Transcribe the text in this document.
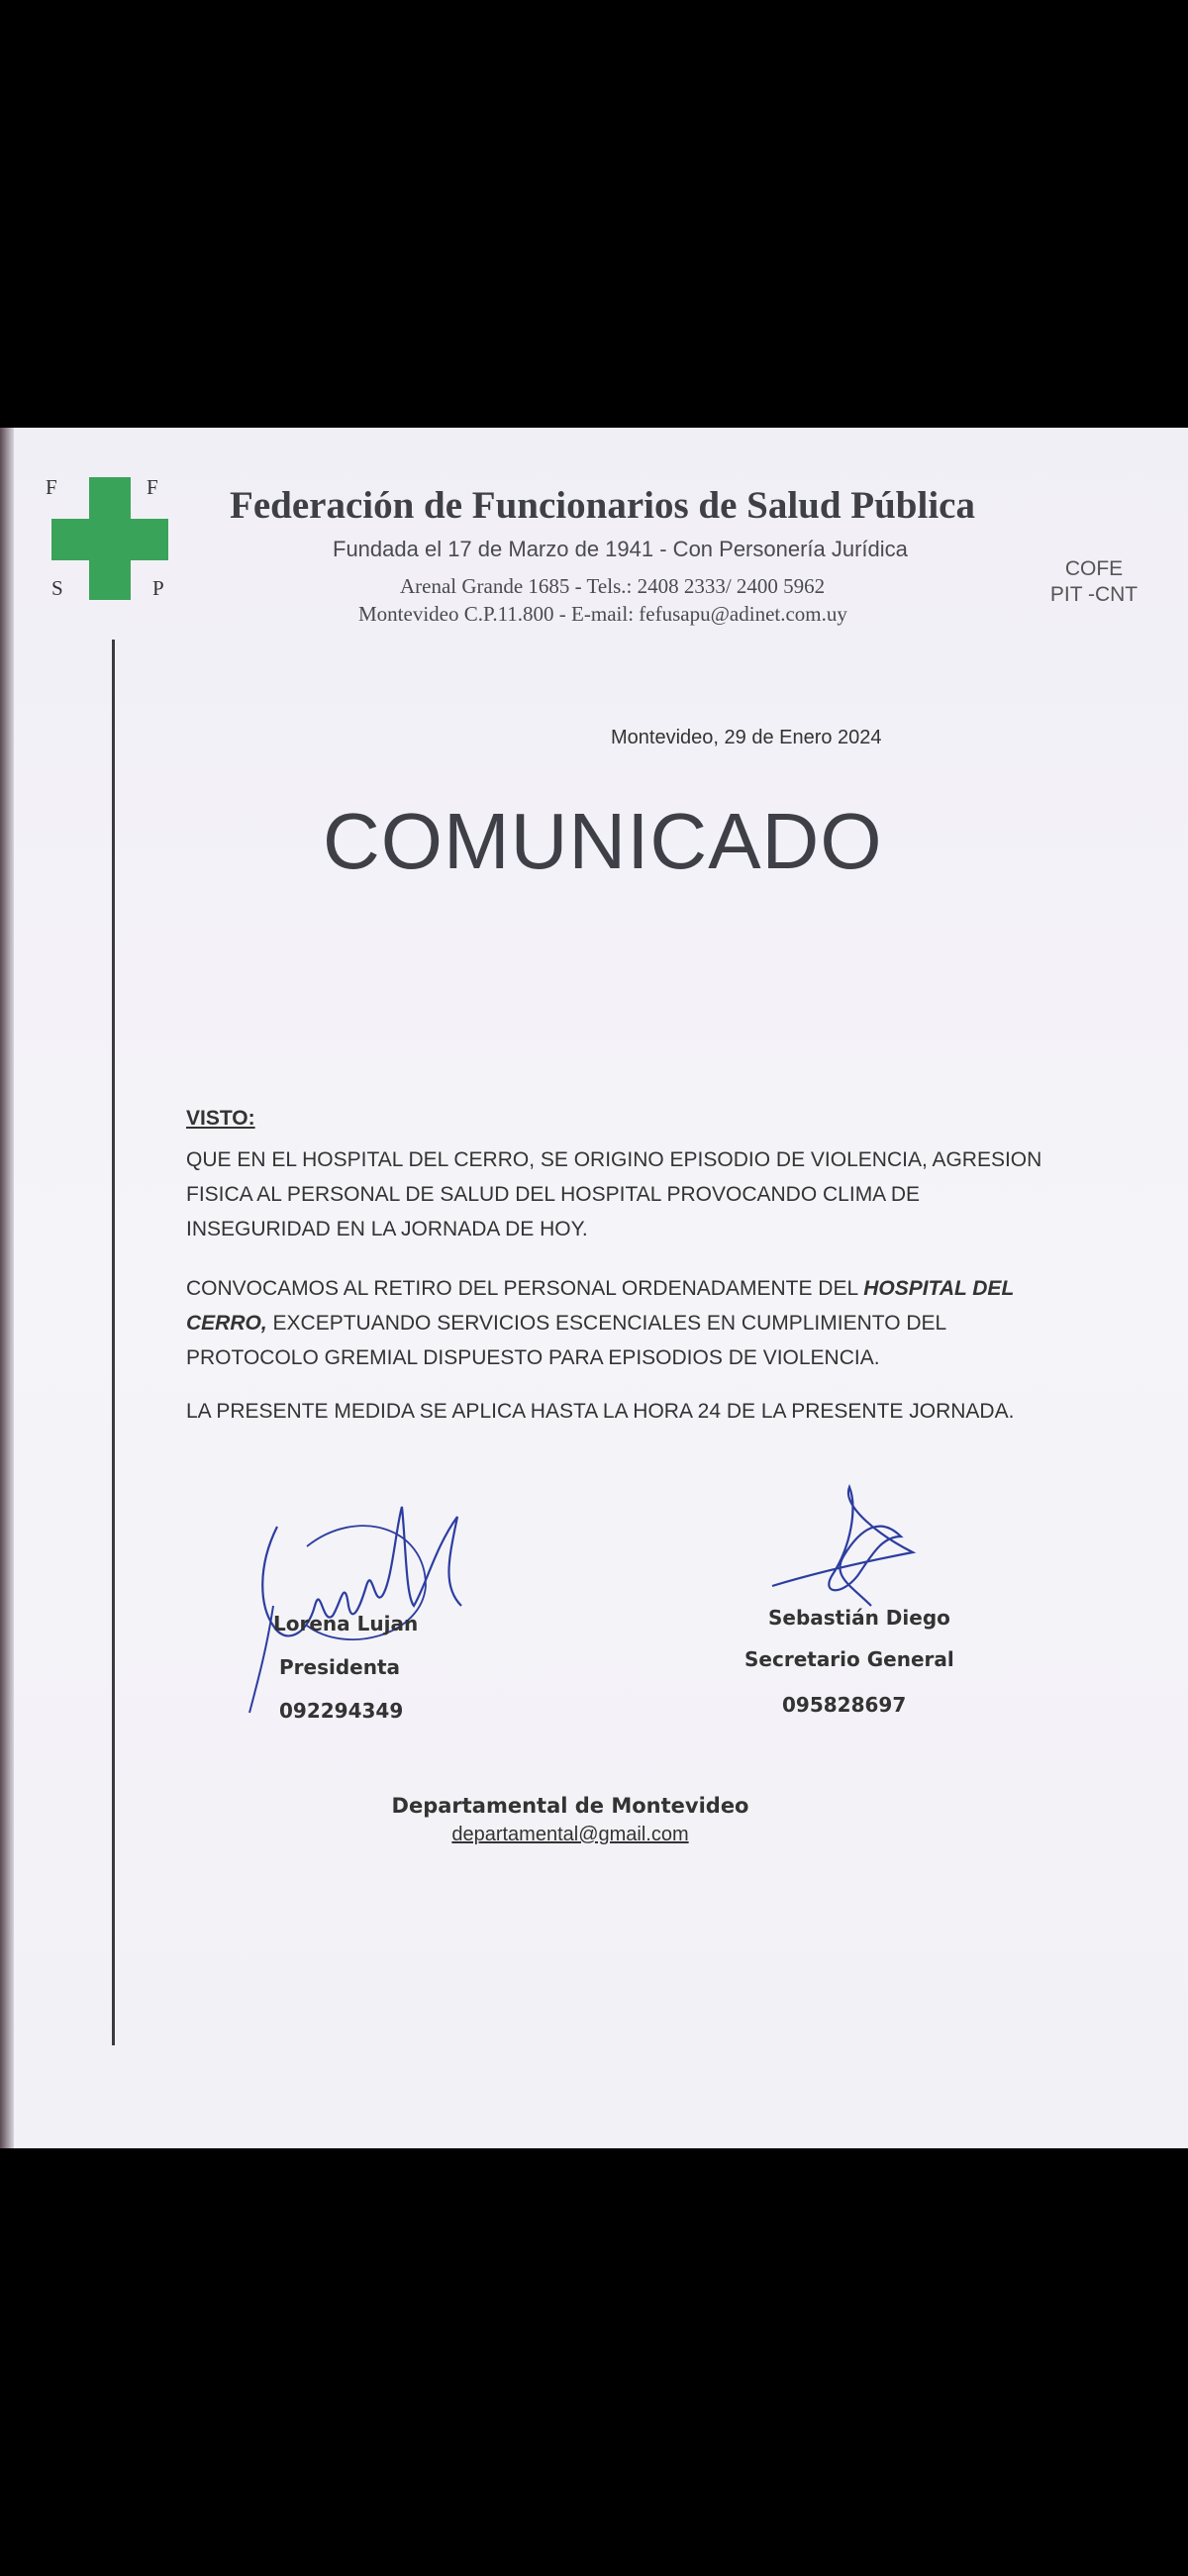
F	F
S	P
Federación de Funcionarios de Salud Pública
Fundada el 17 de Marzo de 1941 - Con Personería Jurídica
Arenal Grande 1685 - Tels.: 2408 2333/ 2400 5962
Montevideo C.P.11.800 - E-mail: fefusapu@adinet.com.uy
COFE
PIT -CNT
Montevideo, 29 de Enero 2024
COMUNICADO
VISTO:
QUE EN EL HOSPITAL DEL CERRO, SE ORIGINO EPISODIO DE VIOLENCIA, AGRESION FISICA AL PERSONAL DE SALUD DEL HOSPITAL PROVOCANDO CLIMA DE INSEGURIDAD EN LA JORNADA DE HOY.
CONVOCAMOS AL RETIRO DEL PERSONAL ORDENADAMENTE DEL HOSPITAL DEL CERRO, EXCEPTUANDO SERVICIOS ESCENCIALES EN CUMPLIMIENTO DEL PROTOCOLO GREMIAL DISPUESTO PARA EPISODIOS DE VIOLENCIA.
LA PRESENTE MEDIDA SE APLICA HASTA LA HORA 24 DE LA PRESENTE JORNADA.
Lorena Lujan
Presidenta
092294349
Sebastián Diego
Secretario General
095828697
Departamental de Montevideo
departamental@gmail.com
